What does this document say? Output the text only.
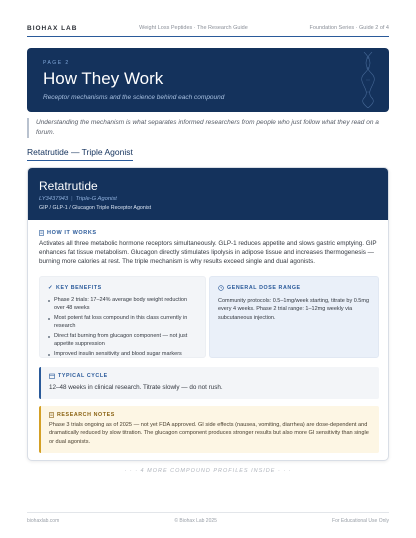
BIOHAX LAB	Weight Loss Peptides · The Research Guide	Foundation Series · Guide 2 of 4
PAGE 2
How They Work
Receptor mechanisms and the science behind each compound
Understanding the mechanism is what separates informed researchers from people who just follow what they read on a forum.
Retatrutide — Triple Agonist
Retatrutide
LY3437943 | Triple-G Agonist
GIP / GLP-1 / Glucagon Triple Receptor Agonist
HOW IT WORKS
Activates all three metabolic hormone receptors simultaneously. GLP-1 reduces appetite and slows gastric emptying. GIP enhances fat tissue metabolism. Glucagon directly stimulates lipolysis in adipose tissue and increases thermogenesis — burning more calories at rest. The triple mechanism is why results exceed single and dual agonists.
✓ KEY BENEFITS
Phase 2 trials: 17–24% average body weight reduction over 48 weeks
Most potent fat loss compound in this class currently in research
Direct fat burning from glucagon component — not just appetite suppression
Improved insulin sensitivity and blood sugar markers
GENERAL DOSE RANGE
Community protocols: 0.5–1mg/week starting, titrate by 0.5mg every 4 weeks. Phase 2 trial range: 1–12mg weekly via subcutaneous injection.
TYPICAL CYCLE
12–48 weeks in clinical research. Titrate slowly — do not rush.
RESEARCH NOTES
Phase 3 trials ongoing as of 2025 — not yet FDA approved. GI side effects (nausea, vomiting, diarrhea) are dose-dependent and dramatically reduced by slow titration. The glucagon component produces stronger results but also more GI sensitivity than single or dual agonists.
· · · 4 MORE COMPOUND PROFILES INSIDE · · ·
biohaxlab.com	© Biohax Lab 2025	For Educational Use Only
